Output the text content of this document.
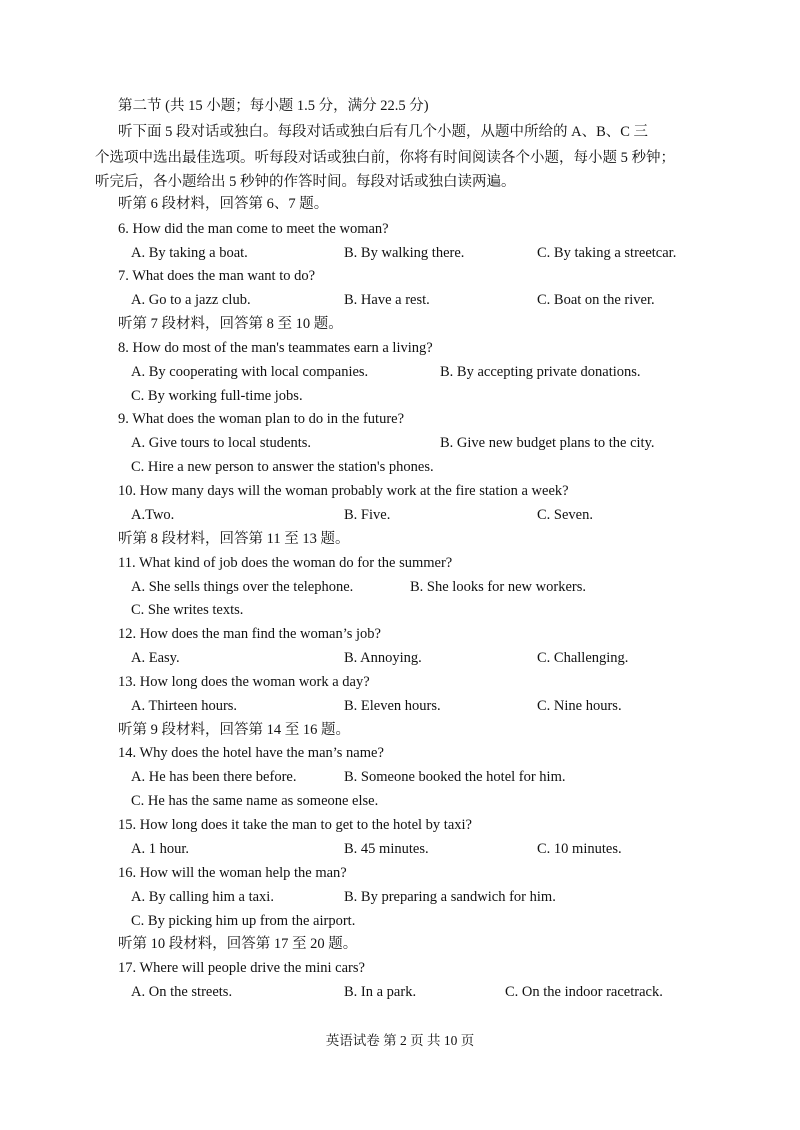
第二节 (共 15 小题；每小题 1.5 分，满分 22.5 分)
听下面 5 段对话或独白。每段对话或独白后有几个小题，从题中所给的 A、B、C 三
个选项中选出最佳选项。听每段对话或独白前，你将有时间阅读各个小题，每小题 5 秒钟；
听完后，各小题给出 5 秒钟的作答时间。每段对话或独白读两遍。
听第 6 段材料，回答第 6、7 题。
6. How did the man come to meet the woman?
A. By taking a boat.	B. By walking there.	C. By taking a streetcar.
7. What does the man want to do?
A. Go to a jazz club.	B. Have a rest.	C. Boat on the river.
听第 7 段材料，回答第 8 至 10 题。
8. How do most of the man's teammates earn a living?
A. By cooperating with local companies.	B. By accepting private donations.
C. By working full-time jobs.
9. What does the woman plan to do in the future?
A. Give tours to local students.	B. Give new budget plans to the city.
C. Hire a new person to answer the station's phones.
10. How many days will the woman probably work at the fire station a week?
A.Two.	B. Five.	C. Seven.
听第 8 段材料，回答第 11 至 13 题。
11. What kind of job does the woman do for the summer?
A. She sells things over the telephone.	B. She looks for new workers.
C. She writes texts.
12. How does the man find the woman’s job?
A. Easy.	B. Annoying.	C. Challenging.
13. How long does the woman work a day?
A. Thirteen hours.	B. Eleven hours.	C. Nine hours.
听第 9 段材料，回答第 14 至 16 题。
14. Why does the hotel have the man’s name?
A. He has been there before.	B. Someone booked the hotel for him.
C. He has the same name as someone else.
15. How long does it take the man to get to the hotel by taxi?
A. 1 hour.	B. 45 minutes.	C. 10 minutes.
16. How will the woman help the man?
A. By calling him a taxi.	B. By preparing a sandwich for him.
C. By picking him up from the airport.
听第 10 段材料，回答第 17 至 20 题。
17. Where will people drive the mini cars?
A. On the streets.	B. In a park.	C. On the indoor racetrack.
英语试卷 第 2 页 共 10 页
